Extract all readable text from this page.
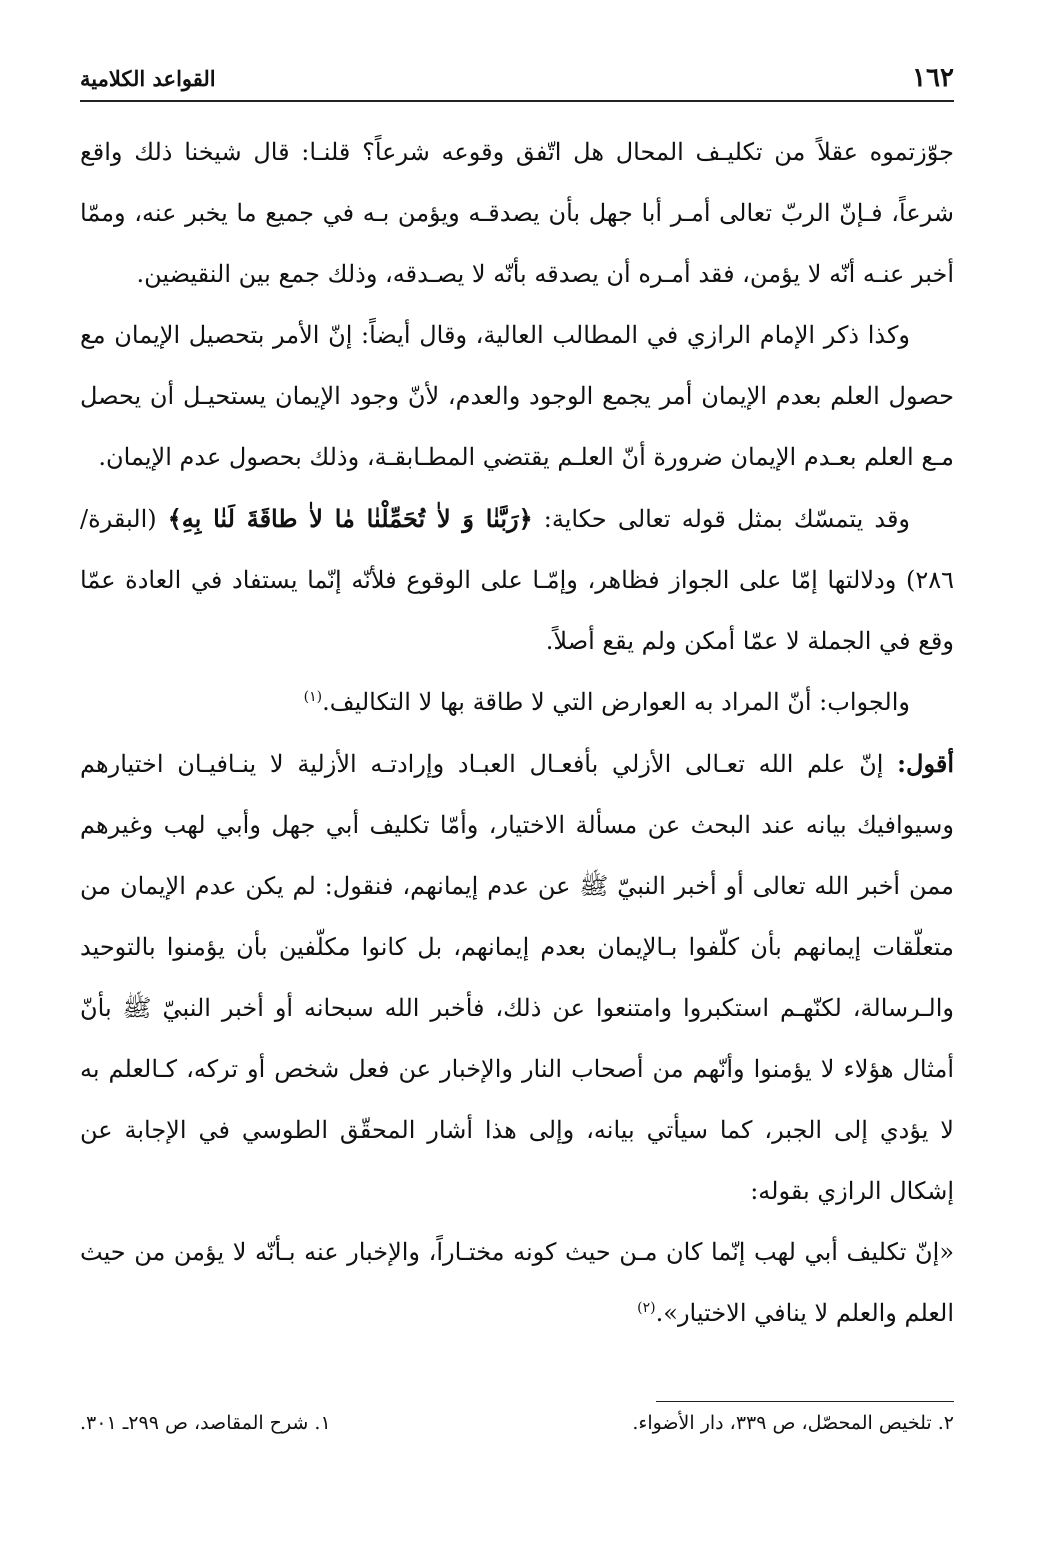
١٦٢
القواعد الكلامية

جوّزتموه عقلاً من تكليـف المحال هل اتّفق وقوعه شرعاً؟ قلنـا: قال شيخنا ذلك واقع شرعاً، فـإنّ الربّ تعالى أمـر أبا جهل بأن يصدقـه ويؤمن بـه في جميع ما يخبر عنه، وممّا أخبر عنـه أنّه لا يؤمن، فقد أمـره أن يصدقه بأنّه لا يصـدقه، وذلك جمع بين النقيضين.

وكذا ذكر الإمام الرازي في المطالب العالية، وقال أيضاً: إنّ الأمر بتحصيل الإيمان مع حصول العلم بعدم الإيمان أمر يجمع الوجود والعدم، لأنّ وجود الإيمان يستحيـل أن يحصل مـع العلم بعـدم الإيمان ضرورة أنّ العلـم يقتضي المطـابقـة، وذلك بحصول عدم الإيمان.

وقد يتمسّك بمثل قوله تعالى حكاية: ﴿رَبَّنٰا وَ لاٰ تُحَمِّلْنٰا مٰا لاٰ طاقَةَ لَنٰا بِهِ﴾ (البقرة/ ٢٨٦) ودلالتها إمّا على الجواز فظاهر، وإمّـا على الوقوع فلأنّه إنّما يستفاد في العادة عمّا وقع في الجملة لا عمّا أمكن ولم يقع أصلاً.

والجواب: أنّ المراد به العوارض التي لا طاقة بها لا التكاليف.$^{(١)}$

أقول: إنّ علم الله تعـالى الأزلي بأفعـال العبـاد وإرادتـه الأزلية لا ينـافيـان اختيارهم وسيوافيك بيانه عند البحث عن مسألة الاختيار، وأمّا تكليف أبي جهل وأبي لهب وغيرهم ممن أخبر الله تعالى أو أخبر النبيّ ﷺ عن عدم إيمانهم، فنقول: لم يكن عدم الإيمان من متعلّقات إيمانهم بأن كلّفوا بـالإيمان بعدم إيمانهم، بل كانوا مكلّفين بأن يؤمنوا بالتوحيد والـرسالة، لكنّهـم استكبروا وامتنعوا عن ذلك، فأخبر الله سبحانه أو أخبر النبيّ ﷺ بأنّ أمثال هؤلاء لا يؤمنوا وأنّهم من أصحاب النار والإخبار عن فعل شخص أو تركه، كـالعلم به لا يؤدي إلى الجبر، كما سيأتي بيانه، وإلى هذا أشار المحقّق الطوسي في الإجابة عن إشكال الرازي بقوله:

«إنّ تكليف أبي لهب إنّما كان مـن حيث كونه مختـاراً، والإخبار عنه بـأنّه لا يؤمن من حيث العلم والعلم لا ينافي الاختيار».$^{(٢)}$

١. شرح المقاصد، ص ٢٩٩ـ ٣٠١.	٢. تلخيص المحصّل، ص ٣٣٩، دار الأضواء.
